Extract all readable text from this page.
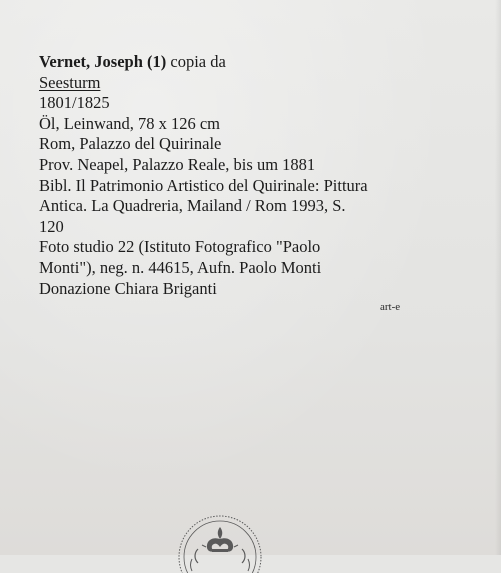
Vernet, Joseph (1) copia da
Seesturm
1801/1825
Öl, Leinwand, 78 x 126 cm
Rom, Palazzo del Quirinale
Prov. Neapel, Palazzo Reale, bis um 1881
Bibl. Il Patrimonio Artistico del Quirinale: Pittura
Antica. La Quadreria, Mailand / Rom 1993, S.
120
Foto studio 22 (Istituto Fotografico "Paolo
Monti"), neg. n. 44615, Aufn. Paolo Monti
Donazione Chiara Briganti
art-e
